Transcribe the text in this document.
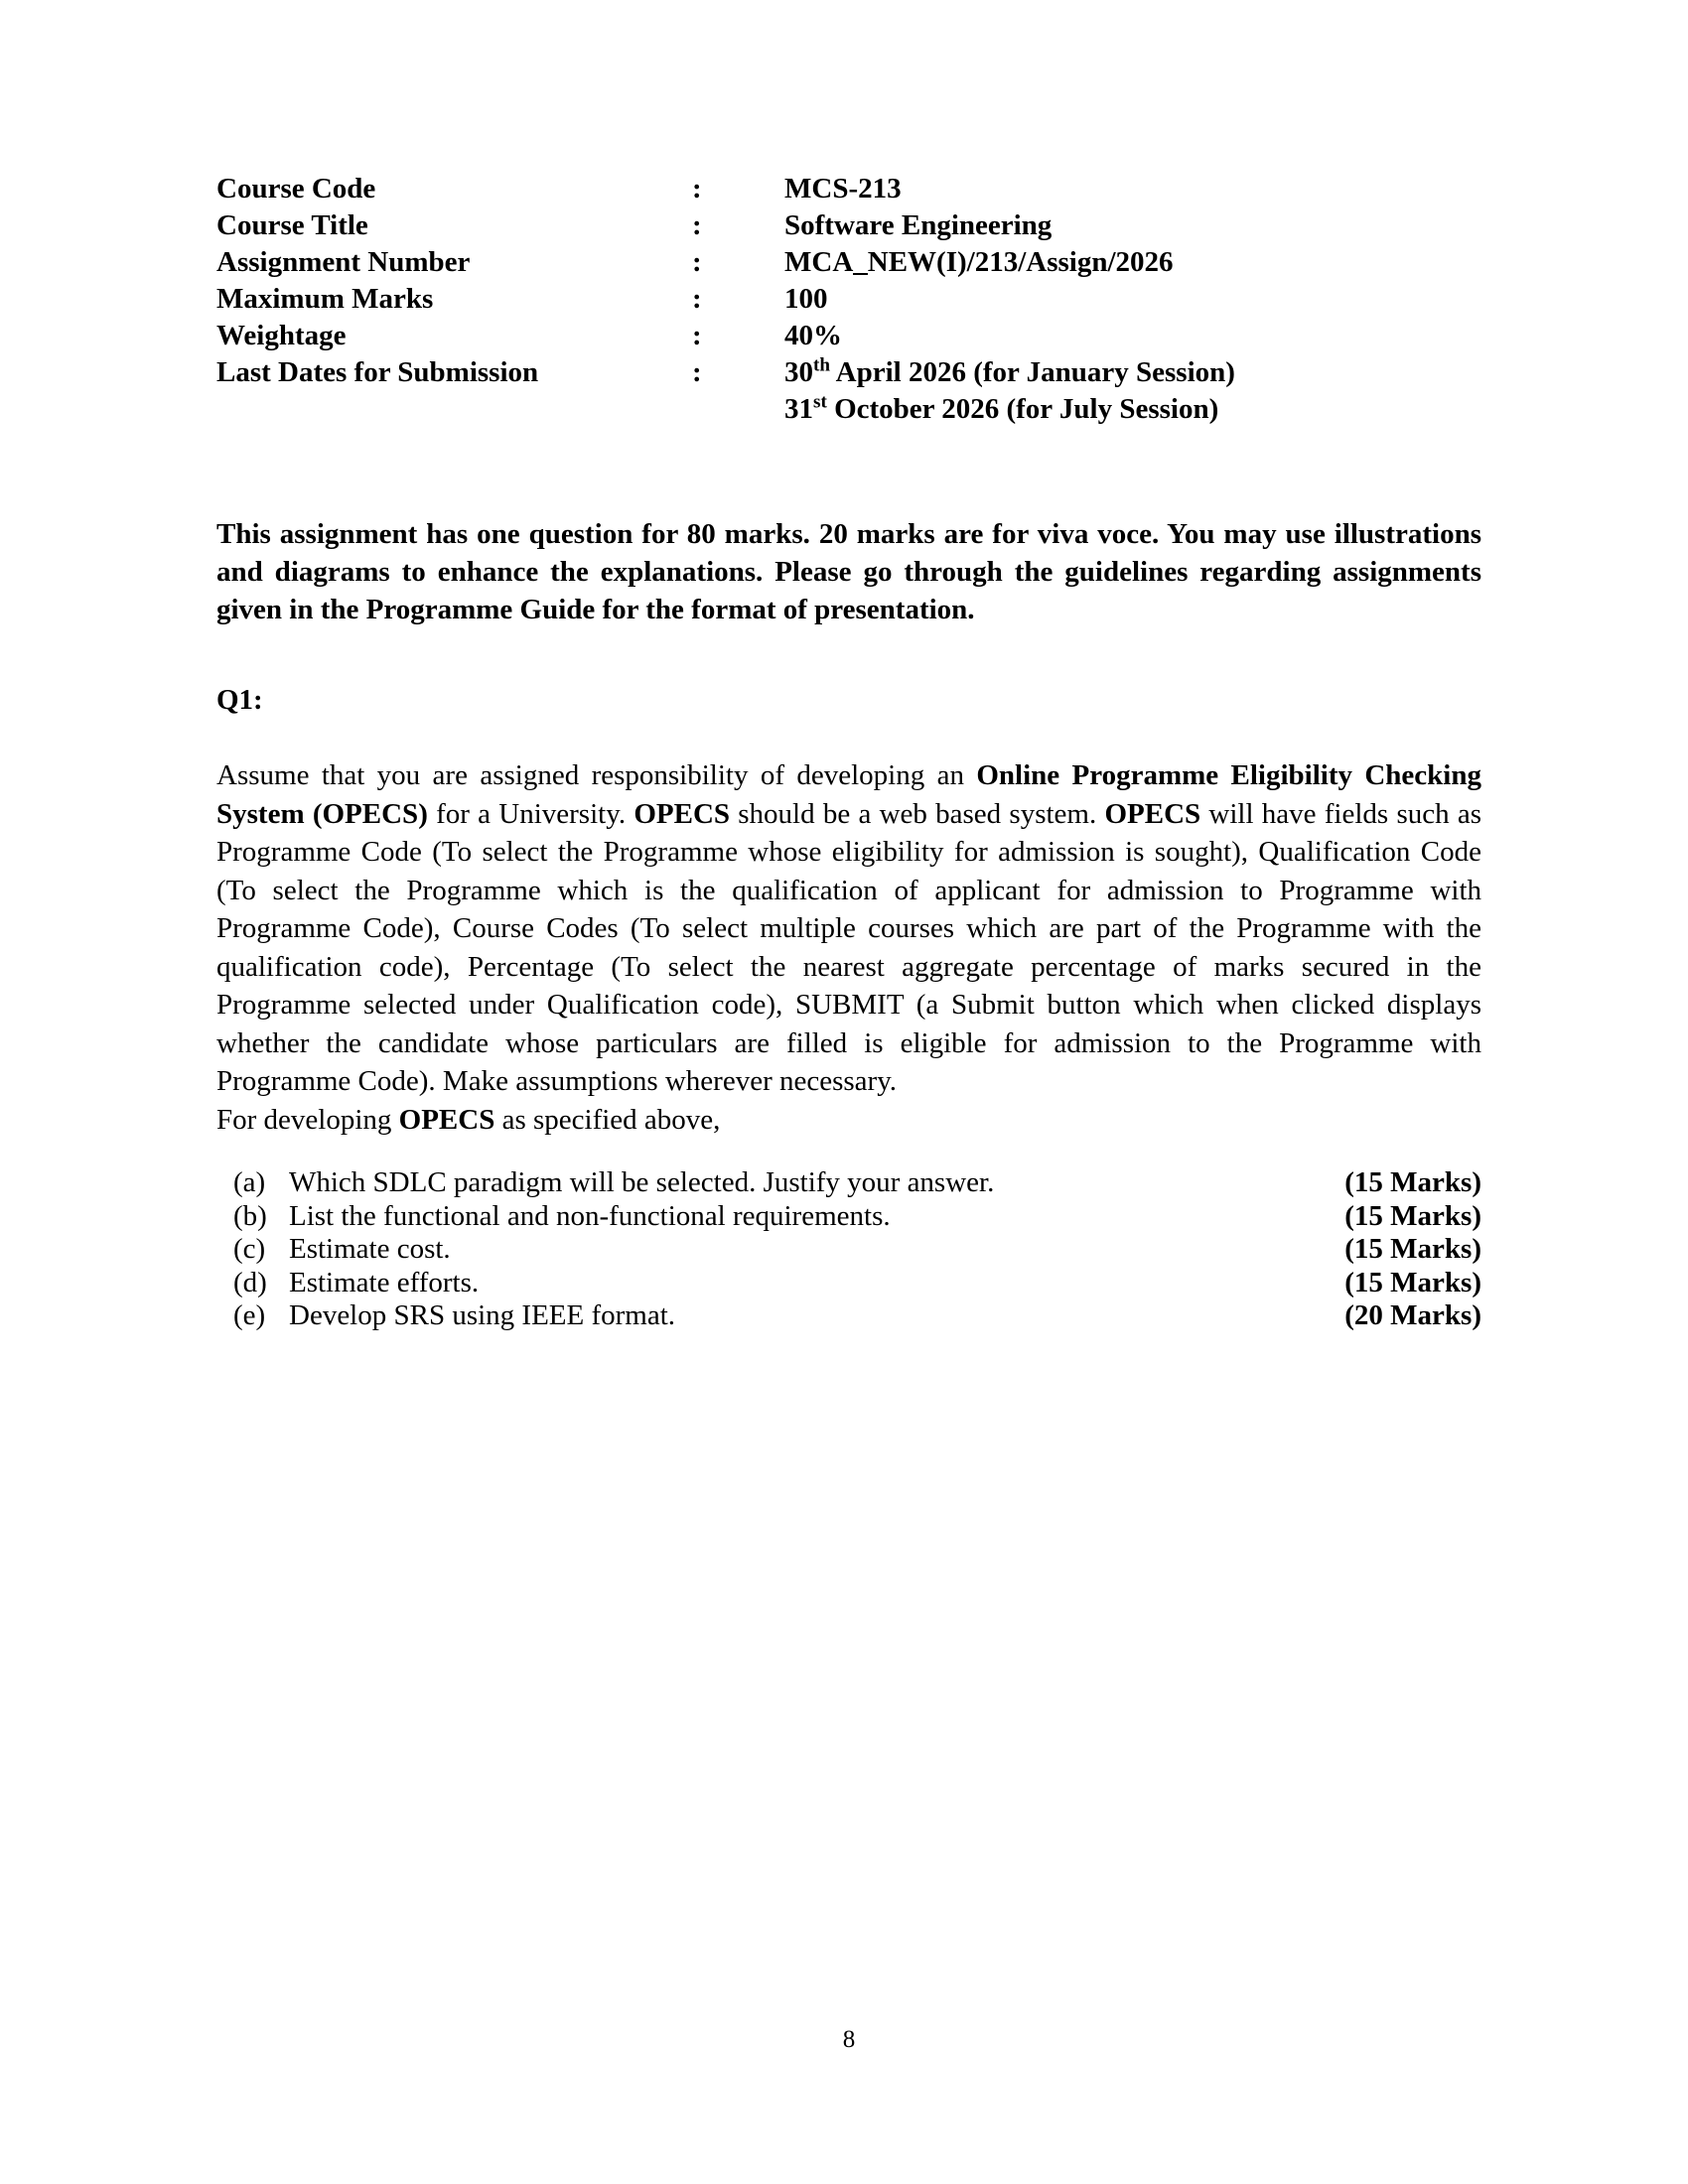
Course Code	:	MCS-213
Course Title	:	Software Engineering
Assignment Number	:	MCA_NEW(I)/213/Assign/2026
Maximum Marks	:	100
Weightage	:	40%
Last Dates for Submission	:	30th April 2026 (for January Session)
31st October 2026 (for July Session)
This assignment has one question for 80 marks. 20 marks are for viva voce. You may use illustrations and diagrams to enhance the explanations. Please go through the guidelines regarding assignments given in the Programme Guide for the format of presentation.
Q1:
Assume that you are assigned responsibility of developing an Online Programme Eligibility Checking System (OPECS) for a University. OPECS should be a web based system. OPECS will have fields such as Programme Code (To select the Programme whose eligibility for admission is sought), Qualification Code (To select the Programme which is the qualification of applicant for admission to Programme with Programme Code), Course Codes (To select multiple courses which are part of the Programme with the qualification code), Percentage (To select the nearest aggregate percentage of marks secured in the Programme selected under Qualification code), SUBMIT (a Submit button which when clicked displays whether the candidate whose particulars are filled is eligible for admission to the Programme with Programme Code). Make assumptions wherever necessary.
For developing OPECS as specified above,
(a) Which SDLC paradigm will be selected. Justify your answer.	(15 Marks)
(b) List the functional and non-functional requirements.	(15 Marks)
(c) Estimate cost.	(15 Marks)
(d) Estimate efforts.	(15 Marks)
(e) Develop SRS using IEEE format.	(20 Marks)
8
